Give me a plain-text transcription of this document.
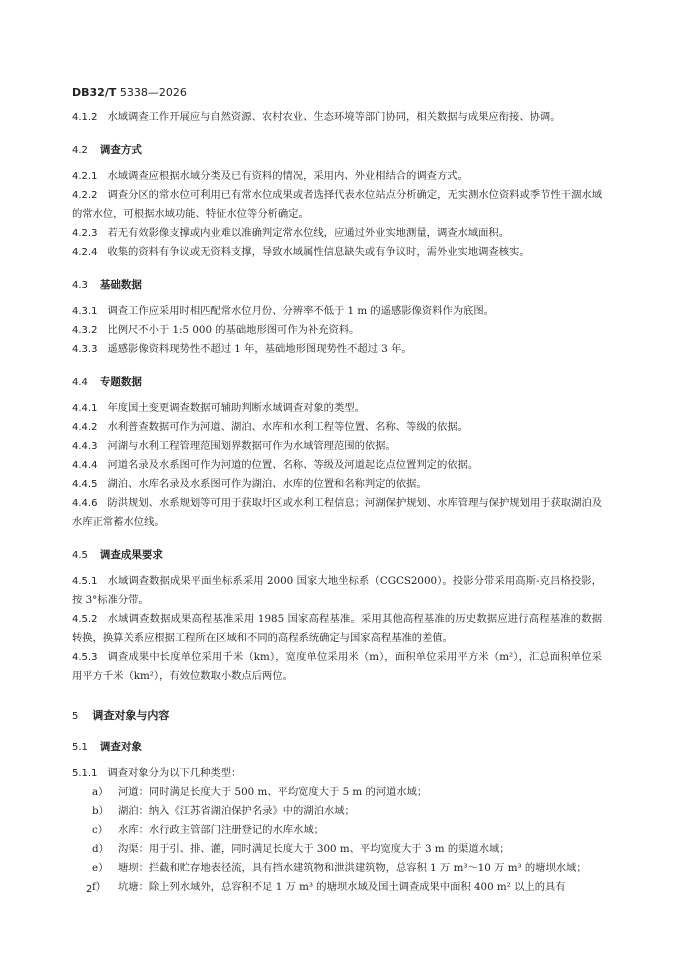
DB32/T 5338—2026

4.1.2 水域调查工作开展应与自然资源、农村农业、生态环境等部门协同，相关数据与成果应衔接、协调。

4.2 调查方式

4.2.1 水域调查应根据水域分类及已有资料的情况，采用内、外业相结合的调查方式。

4.2.2 调查分区的常水位可利用已有常水位成果或者选择代表水位站点分析确定，无实测水位资料或季节性干涸水域的常水位，可根据水域功能、特征水位等分析确定。

4.2.3 若无有效影像支撑或内业难以准确判定常水位线，应通过外业实地测量，调查水域面积。

4.2.4 收集的资料有争议或无资料支撑，导致水域属性信息缺失或有争议时，需外业实地调查核实。

4.3 基础数据

4.3.1 调查工作应采用时相匹配常水位月份、分辨率不低于 1 m 的遥感影像资料作为底图。

4.3.2 比例尺不小于 1:5 000 的基础地形图可作为补充资料。

4.3.3 遥感影像资料现势性不超过 1 年，基础地形图现势性不超过 3 年。

4.4 专题数据

4.4.1 年度国土变更调查数据可辅助判断水域调查对象的类型。

4.4.2 水利普查数据可作为河道、湖泊、水库和水利工程等位置、名称、等级的依据。

4.4.3 河湖与水利工程管理范围划界数据可作为水域管理范围的依据。

4.4.4 河道名录及水系图可作为河道的位置、名称、等级及河道起讫点位置判定的依据。

4.4.5 湖泊、水库名录及水系图可作为湖泊、水库的位置和名称判定的依据。

4.4.6 防洪规划、水系规划等可用于获取圩区或水利工程信息；河湖保护规划、水库管理与保护规划用于获取湖泊及水库正常蓄水位线。

4.5 调查成果要求

4.5.1 水域调查数据成果平面坐标系采用 2000 国家大地坐标系（CGCS2000）。投影分带采用高斯-克吕格投影，按 3°标准分带。

4.5.2 水域调查数据成果高程基准采用 1985 国家高程基准。采用其他高程基准的历史数据应进行高程基准的数据转换，换算关系应根据工程所在区域和不同的高程系统确定与国家高程基准的差值。

4.5.3 调查成果中长度单位采用千米（km），宽度单位采用米（m），面积单位采用平方米（m²），汇总面积单位采用平方千米（km²），有效位数取小数点后两位。

5 调查对象与内容
5.1 调查对象

5.1.1 调查对象分为以下几种类型：

a） 河道：同时满足长度大于 500 m、平均宽度大于 5 m 的河道水域；
b） 湖泊：纳入《江苏省湖泊保护名录》中的湖泊水域；
c） 水库：水行政主管部门注册登记的水库水域；
d） 沟渠：用于引、排、灌，同时满足长度大于 300 m、平均宽度大于 3 m 的渠道水域；
e） 塘坝：拦截和贮存地表径流，具有挡水建筑物和泄洪建筑物，总容积 1 万 m³～10 万 m³ 的塘坝水域；
f）	坑塘：除上列水域外，总容积不足 1 万 m³ 的塘坝水域及国土调查成果中面积 400 m² 以上的具有
2
